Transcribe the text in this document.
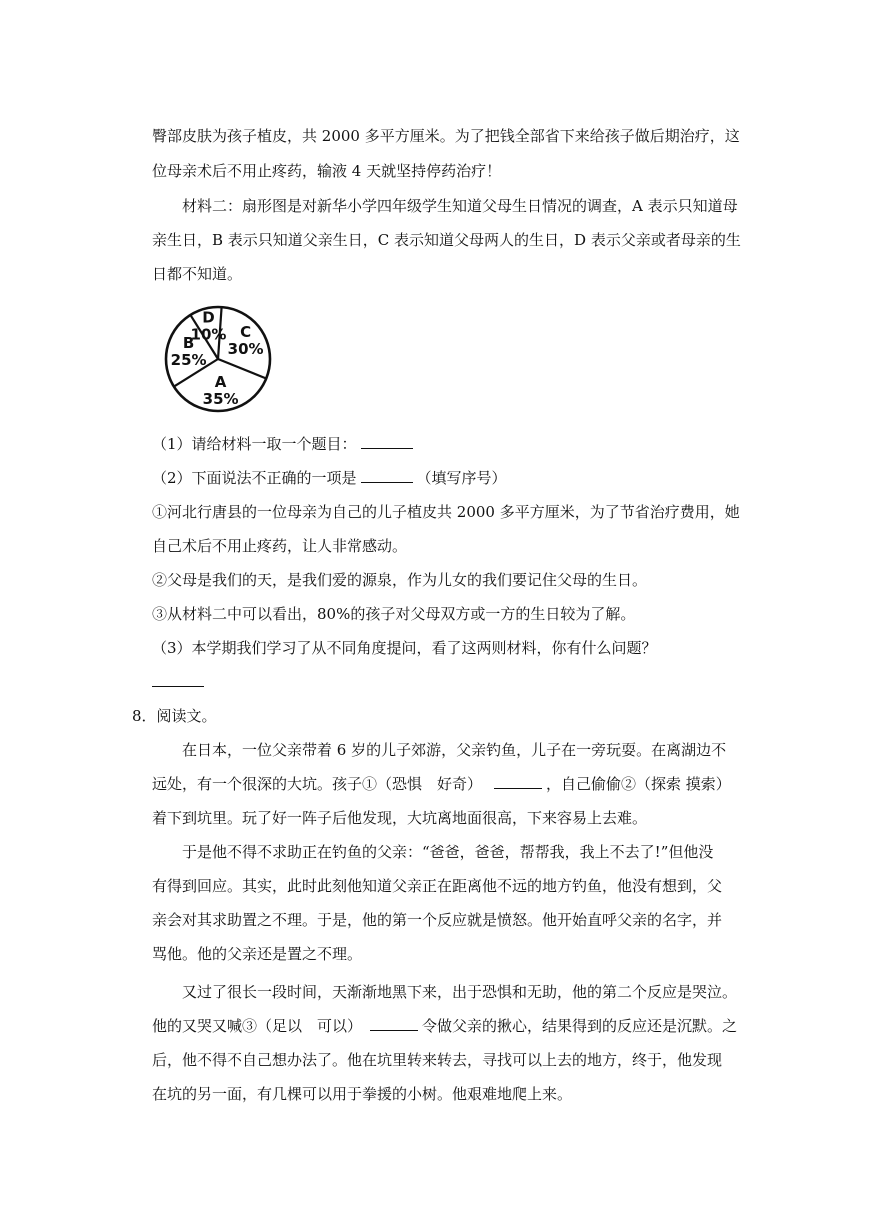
臀部皮肤为孩子植皮，共 2000 多平方厘米。为了把钱全部省下来给孩子做后期治疗，这
位母亲术后不用止疼药，输液 4 天就坚持停药治疗！
材料二：扇形图是对新华小学四年级学生知道父母生日情况的调查，A 表示只知道母
亲生日，B 表示只知道父亲生日，C 表示知道父母两人的生日，D 表示父亲或者母亲的生
日都不知道。
C
30%
A
35%
B
25%
D
10%
（1）请给材料一取一个题目：
（2）下面说法不正确的一项是	（填写序号）
①河北行唐县的一位母亲为自己的儿子植皮共 2000 多平方厘米，为了节省治疗费用，她
自己术后不用止疼药，让人非常感动。
②父母是我们的天，是我们爱的源泉，作为儿女的我们要记住父母的生日。
③从材料二中可以看出，80%的孩子对父母双方或一方的生日较为了解。
（3）本学期我们学习了从不同角度提问，看了这两则材料，你有什么问题？
8．阅读文。
在日本，一位父亲带着 6 岁的儿子郊游，父亲钓鱼，儿子在一旁玩耍。在离湖边不
远处，有一个很深的大坑。孩子①（恐惧　好奇）	，自己偷偷②（探索 摸索）
着下到坑里。玩了好一阵子后他发现，大坑离地面很高，下来容易上去难。
于是他不得不求助正在钓鱼的父亲：“爸爸，爸爸，帮帮我，我上不去了!”但他没
有得到回应。其实，此时此刻他知道父亲正在距离他不远的地方钓鱼，他没有想到，父
亲会对其求助置之不理。于是，他的第一个反应就是愤怒。他开始直呼父亲的名字，并
骂他。他的父亲还是置之不理。
又过了很长一段时间，天渐渐地黑下来，出于恐惧和无助，他的第二个反应是哭泣。
他的又哭又喊③（足以　可以）	令做父亲的揪心，结果得到的反应还是沉默。之
后，他不得不自己想办法了。他在坑里转来转去，寻找可以上去的地方，终于，他发现
在坑的另一面，有几棵可以用于拳援的小树。他艰难地爬上来。
